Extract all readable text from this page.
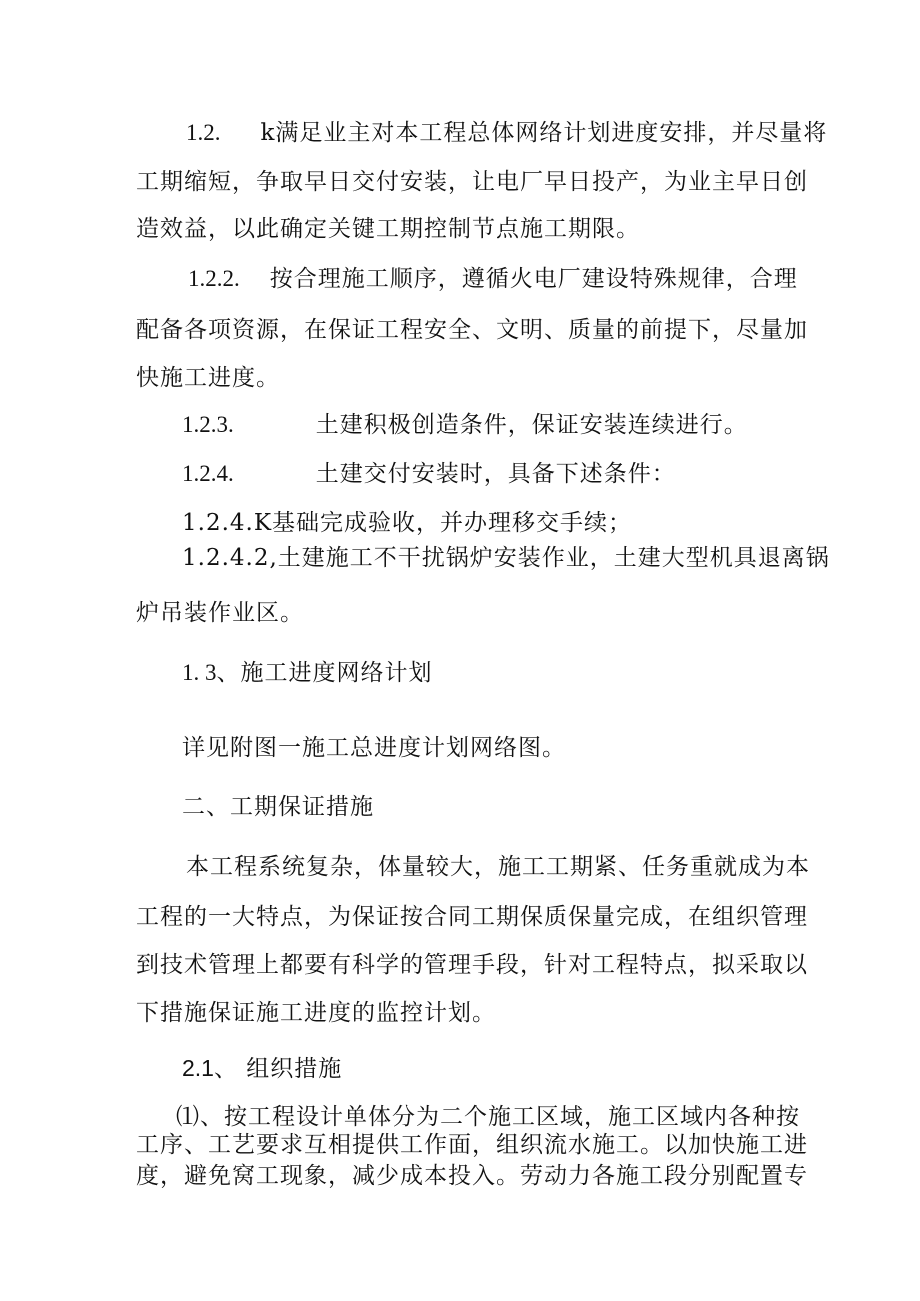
1.2. k满足业主对本工程总体网络计划进度安排，并尽量将
工期缩短，争取早日交付安装，让电厂早日投产，为业主早日创
造效益，以此确定关键工期控制节点施工期限。
1.2.2. 按合理施工顺序，遵循火电厂建设特殊规律，合理
配备各项资源，在保证工程安全、文明、质量的前提下，尽量加
快施工进度。
1.2.3.	土建积极创造条件，保证安装连续进行。
1.2.4.	土建交付安装时，具备下述条件：
1.2.4.K基础完成验收，并办理移交手续；
1.2.4.2,土建施工不干扰锅炉安装作业，土建大型机具退离锅
炉吊装作业区。
1. 3、施工进度网络计划
详见附图一施工总进度计划网络图。
二、工期保证措施
本工程系统复杂，体量较大，施工工期紧、任务重就成为本
工程的一大特点，为保证按合同工期保质保量完成，在组织管理
到技术管理上都要有科学的管理手段，针对工程特点，拟采取以
下措施保证施工进度的监控计划。
2.1、 组织措施
⑴、按工程设计单体分为二个施工区域，施工区域内各种按
工序、工艺要求互相提供工作面，组织流水施工。以加快施工进
度，避免窝工现象，减少成本投入。劳动力各施工段分别配置专
